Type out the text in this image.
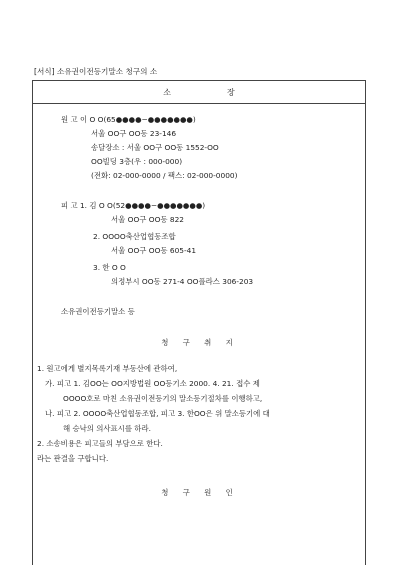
[서식] 소유권이전등기말소 청구의 소
소	장
원 고 이 O O(65●●●●−●●●●●●●)
서울 OO구 OO동 23-146
송달장소 : 서울 OO구 OO동 1552-OO
OO빌딩 3층(우 : 000-000)
(전화: 02-000-0000 / 팩스: 02-000-0000)
피 고 1. 김 O O(52●●●●−●●●●●●●)
서울 OO구 OO동 822
2. OOOO축산업협동조합
서울 OO구 OO동 605-41
3. 한 O O
의정부시 OO동 271-4 OO플라스 306-203
소유권이전등기말소 등
청 구 취 지
1. 원고에게 별지목록기재 부동산에 관하여,
가. 피고 1. 김OO는 OO지방법원 OO등기소 2000. 4. 21. 접수 제
OOOO호로 마친 소유권이전등기의 말소등기절차를 이행하고,
나. 피고 2. OOOO축산업협동조합, 피고 3. 한OO은 위 말소등기에 대
해 승낙의 의사표시를 하라.
2. 소송비용은 피고들의 부담으로 한다.
라는 판결을 구합니다.
청 구 원 인
